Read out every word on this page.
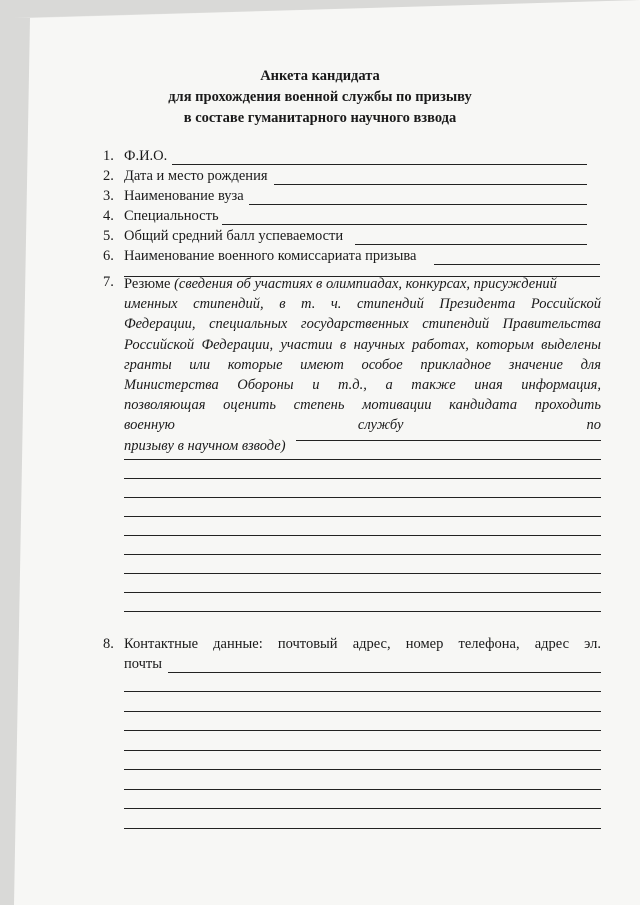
Анкета кандидата
для прохождения военной службы по призыву
в составе гуманитарного научного взвода
1. Ф.И.О.
2. Дата и место рождения
3. Наименование вуза
4. Специальность
5. Общий средний балл успеваемости
6. Наименование военного комиссариата призыва
7. Резюме (сведения об участиях в олимпиадах, конкурсах, присуждений
именных стипендий, в т. ч. стипендий Президента Российской
Федерации, специальных государственных стипендий Правительства
Российской Федерации, участии в научных работах, которым выделены
гранты или которые имеют особое прикладное значение для
Министерства Обороны и т.д., а также иная информация,
позволяющая оценить степень мотивации кандидата проходить
военную службу по
призыву в научном взводе)
8. Контактные данные: почтовый адрес, номер телефона, адрес эл.
почты
